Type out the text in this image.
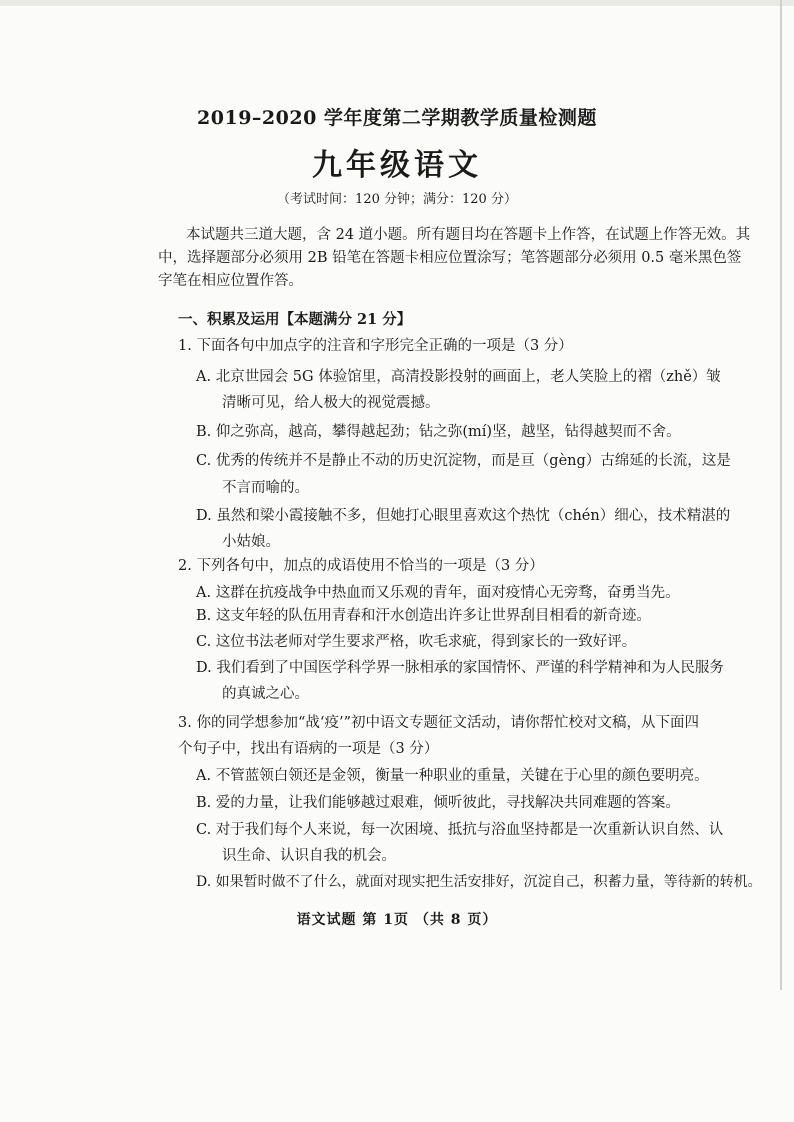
2019–2020 学年度第二学期教学质量检测题
九年级语文
（考试时间：120 分钟；满分：120 分）
本试题共三道大题，含 24 道小题。所有题目均在答题卡上作答，在试题上作答无效。其
中，选择题部分必须用 2B 铅笔在答题卡相应位置涂写；笔答题部分必须用 0.5 毫米黑色签
字笔在相应位置作答。
一、积累及运用【本题满分 21 分】
1. 下面各句中加点字的注音和字形完全正确的一项是（3 分）
A. 北京世园会 5G 体验馆里，高清投影投射的画面上，老人笑脸上的褶（zhě）皱
清晰可见，给人极大的视觉震撼。
B. 仰之弥高，越高，攀得越起劲；钻之弥(mí)坚，越坚，钻得越契而不舍。
C. 优秀的传统并不是静止不动的历史沉淀物，而是亘（gèng）古绵延的长流，这是
不言而喻的。
D. 虽然和梁小霞接触不多，但她打心眼里喜欢这个热忱（chén）细心，技术精湛的
小姑娘。
2. 下列各句中，加点的成语使用不恰当的一项是（3 分）
A. 这群在抗疫战争中热血而又乐观的青年，面对疫情心无旁骛，奋勇当先。
B. 这支年轻的队伍用青春和汗水创造出许多让世界刮目相看的新奇迹。
C. 这位书法老师对学生要求严格，吹毛求疵，得到家长的一致好评。
D. 我们看到了中国医学科学界一脉相承的家国情怀、严谨的科学精神和为人民服务
的真诚之心。
3. 你的同学想参加“战‘疫’”初中语文专题征文活动，请你帮忙校对文稿，从下面四
个句子中，找出有语病的一项是（3 分）
A. 不管蓝领白领还是金领，衡量一种职业的重量，关键在于心里的颜色要明亮。
B. 爱的力量，让我们能够越过艰难，倾听彼此，寻找解决共同难题的答案。
C. 对于我们每个人来说，每一次困境、抵抗与浴血坚持都是一次重新认识自然、认
识生命、认识自我的机会。
D. 如果暂时做不了什么，就面对现实把生活安排好，沉淀自己，积蓄力量，等待新的转机。
语文试题 第 1页 （共 8 页）
